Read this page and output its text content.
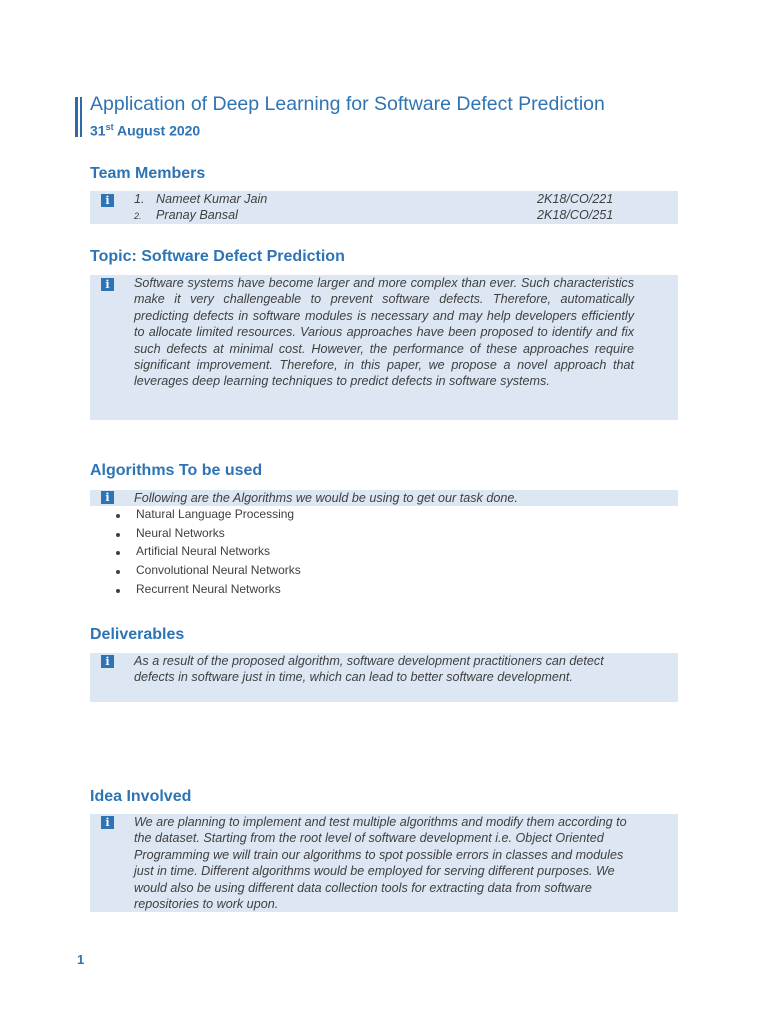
Application of Deep Learning for Software Defect Prediction
31st August 2020
Team Members
i	1. Nameet Kumar Jain	2K18/CO/221
2. Pranay Bansal	2K18/CO/251
Topic: Software Defect Prediction
i	Software systems have become larger and more complex than ever. Such characteristics make it very challengeable to prevent software defects. Therefore, automatically predicting defects in software modules is necessary and may help developers efficiently to allocate limited resources. Various approaches have been proposed to identify and fix such defects at minimal cost. However, the performance of these approaches require significant improvement. Therefore, in this paper, we propose a novel approach that leverages deep learning techniques to predict defects in software systems.
Algorithms To be used
i	Following are the Algorithms we would be using to get our task done.
Natural Language Processing
Neural Networks
Artificial Neural Networks
Convolutional Neural Networks
Recurrent Neural Networks
Deliverables
i	As a result of the proposed algorithm, software development practitioners can detect defects in software just in time, which can lead to better software development.
Idea Involved
i	We are planning to implement and test multiple algorithms and modify them according to the dataset. Starting from the root level of software development i.e. Object Oriented Programming we will train our algorithms to spot possible errors in classes and modules just in time. Different algorithms would be employed for serving different purposes. We would also be using different data collection tools for extracting data from software repositories to work upon.
1
